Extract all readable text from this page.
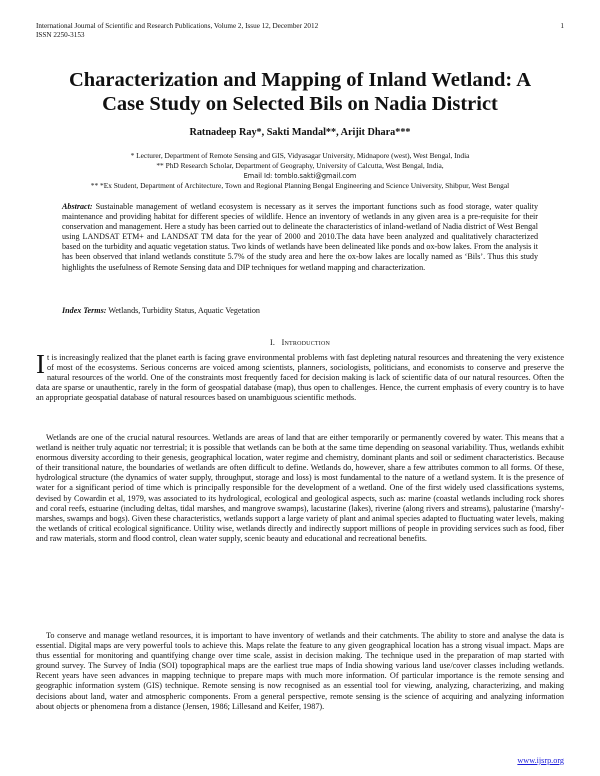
International Journal of Scientific and Research Publications, Volume 2, Issue 12, December 2012	1
ISSN 2250-3153
Characterization and Mapping of Inland Wetland: A
Case Study on Selected Bils on Nadia District
Ratnadeep Ray*, Sakti Mandal**, Arijit Dhara***
* Lecturer, Department of Remote Sensing and GIS, Vidyasagar University, Midnapore (west), West Bengal, India
** PhD Research Scholar, Department of Geography, University of Calcutta, West Bengal, India,
Email Id: tomblo.sakti@gmail.com
** *Ex Student, Department of Architecture, Town and Regional Planning Bengal Engineering and Science University, Shibpur, West Bengal
Abstract: Sustainable management of wetland ecosystem is necessary as it serves the important functions such as food storage, water quality maintenance and providing habitat for different species of wildlife. Hence an inventory of wetlands in any given area is a pre-requisite for their conservation and management. Here a study has been carried out to delineate the characteristics of inland-wetland of Nadia district of West Bengal using LANDSAT ETM+ and LANDSAT TM data for the year of 2000 and 2010.The data have been analyzed and qualitatively characterized based on the turbidity and aquatic vegetation status. Two kinds of wetlands have been delineated like ponds and ox-bow lakes. From the analysis it has been observed that inland wetlands constitute 5.7% of the study area and here the ox-bow lakes are locally named as ‘Bils’. Thus this study highlights the usefulness of Remote Sensing data and DIP techniques for wetland mapping and characterization.
Index Terms: Wetlands, Turbidity Status, Aquatic Vegetation
I. Introduction
It is increasingly realized that the planet earth is facing grave environmental problems with fast depleting natural resources and threatening the very existence of most of the ecosystems. Serious concerns are voiced among scientists, planners, sociologists, politicians, and economists to conserve and preserve the natural resources of the world. One of the constraints most frequently faced for decision making is lack of scientific data of our natural resources. Often the data are sparse or unauthentic, rarely in the form of geospatial database (map), thus open to challenges. Hence, the current emphasis of every country is to have an appropriate geospatial database of natural resources based on unambiguous scientific methods.
Wetlands are one of the crucial natural resources. Wetlands are areas of land that are either temporarily or permanently covered by water. This means that a wetland is neither truly aquatic nor terrestrial; it is possible that wetlands can be both at the same time depending on seasonal variability. Thus, wetlands exhibit enormous diversity according to their genesis, geographical location, water regime and chemistry, dominant plants and soil or sediment characteristics. Because of their transitional nature, the boundaries of wetlands are often difficult to define. Wetlands do, however, share a few attributes common to all forms. Of these, hydrological structure (the dynamics of water supply, throughput, storage and loss) is most fundamental to the nature of a wetland system. It is the presence of water for a significant period of time which is principally responsible for the development of a wetland. One of the first widely used classifications systems, devised by Cowardin et al, 1979, was associated to its hydrological, ecological and geological aspects, such as: marine (coastal wetlands including rock shores and coral reefs, estuarine (including deltas, tidal marshes, and mangrove swamps), lacustarine (lakes), riverine (along rivers and streams), palustarine ('marshy'- marshes, swamps and bogs). Given these characteristics, wetlands support a large variety of plant and animal species adapted to fluctuating water levels, making the wetlands of critical ecological significance. Utility wise, wetlands directly and indirectly support millions of people in providing services such as food, fiber and raw materials, storm and flood control, clean water supply, scenic beauty and educational and recreational benefits.
To conserve and manage wetland resources, it is important to have inventory of wetlands and their catchments. The ability to store and analyse the data is essential. Digital maps are very powerful tools to achieve this. Maps relate the feature to any given geographical location has a strong visual impact. Maps are thus essential for monitoring and quantifying change over time scale, assist in decision making. The technique used in the preparation of map started with ground survey. The Survey of India (SOI) topographical maps are the earliest true maps of India showing various land use/cover classes including wetlands. Recent years have seen advances in mapping technique to prepare maps with much more information. Of particular importance is the remote sensing and geographic information system (GIS) technique. Remote sensing is now recognised as an essential tool for viewing, analyzing, characterizing, and making decisions about land, water and atmospheric components. From a general perspective, remote sensing is the science of acquiring and analyzing information about objects or phenomena from a distance (Jensen, 1986; Lillesand and Keifer, 1987).
www.ijsrp.org
